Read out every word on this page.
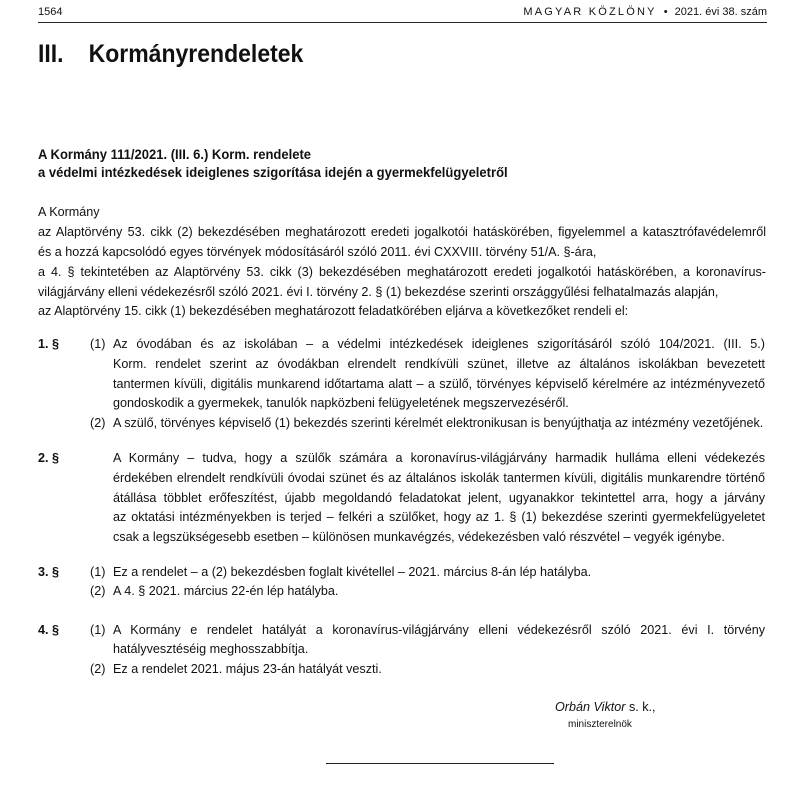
1564	MAGYAR KÖZLÖNY • 2021. évi 38. szám
III. Kormányrendeletek
A Kormány 111/2021. (III. 6.) Korm. rendelete
a védelmi intézkedések ideiglenes szigorítása idején a gyermekfelügyeletről
A Kormány
az Alaptörvény 53. cikk (2) bekezdésében meghatározott eredeti jogalkotói hatáskörében, figyelemmel a katasztrófavédelemről
és a hozzá kapcsolódó egyes törvények módosításáról szóló 2011. évi CXXVIII. törvény 51/A. §-ára,
a 4. § tekintetében az Alaptörvény 53. cikk (3) bekezdésében meghatározott eredeti jogalkotói hatáskörében, a koronavírus-
világjárvány elleni védekezésről szóló 2021. évi I. törvény 2. § (1) bekezdése szerinti országgyűlési felhatalmazás alapján,
az Alaptörvény 15. cikk (1) bekezdésében meghatározott feladatkörében eljárva a következőket rendeli el:
1. § (1) Az óvodában és az iskolában – a védelmi intézkedések ideiglenes szigorításáról szóló 104/2021. (III. 5.)
Korm. rendelet szerint az óvodákban elrendelt rendkívüli szünet, illetve az általános iskolákban bevezetett
tantermen kívüli, digitális munkarend időtartama alatt – a szülő, törvényes képviselő kérelmére az intézményvezető
gondoskodik a gyermekek, tanulók napközbeni felügyeletének megszervezéséről.
(2) A szülő, törvényes képviselő (1) bekezdés szerinti kérelmét elektronikusan is benyújthatja az intézmény vezetőjének.
2. §	A Kormány – tudva, hogy a szülők számára a koronavírus-világjárvány harmadik hulláma elleni védekezés
érdekében elrendelt rendkívüli óvodai szünet és az általános iskolák tantermen kívüli, digitális munkarendre történő
átállása többlet erőfeszítést, újabb megoldandó feladatokat jelent, ugyanakkor tekintettel arra, hogy a járvány
az oktatási intézményekben is terjed – felkéri a szülőket, hogy az 1. § (1) bekezdése szerinti gyermekfelügyeletet
csak a legszükségesebb esetben – különösen munkavégzés, védekezésben való részvétel – vegyék igénybe.
3. § (1) Ez a rendelet – a (2) bekezdésben foglalt kivétellel – 2021. március 8-án lép hatályba.
(2) A 4. § 2021. március 22-én lép hatályba.
4. § (1) A Kormány e rendelet hatályát a koronavírus-világjárvány elleni védekezésről szóló 2021. évi I. törvény
hatályvesztéséig meghosszabbítja.
(2) Ez a rendelet 2021. május 23-án hatályát veszti.
Orbán Viktor s. k.,
miniszterelnök
